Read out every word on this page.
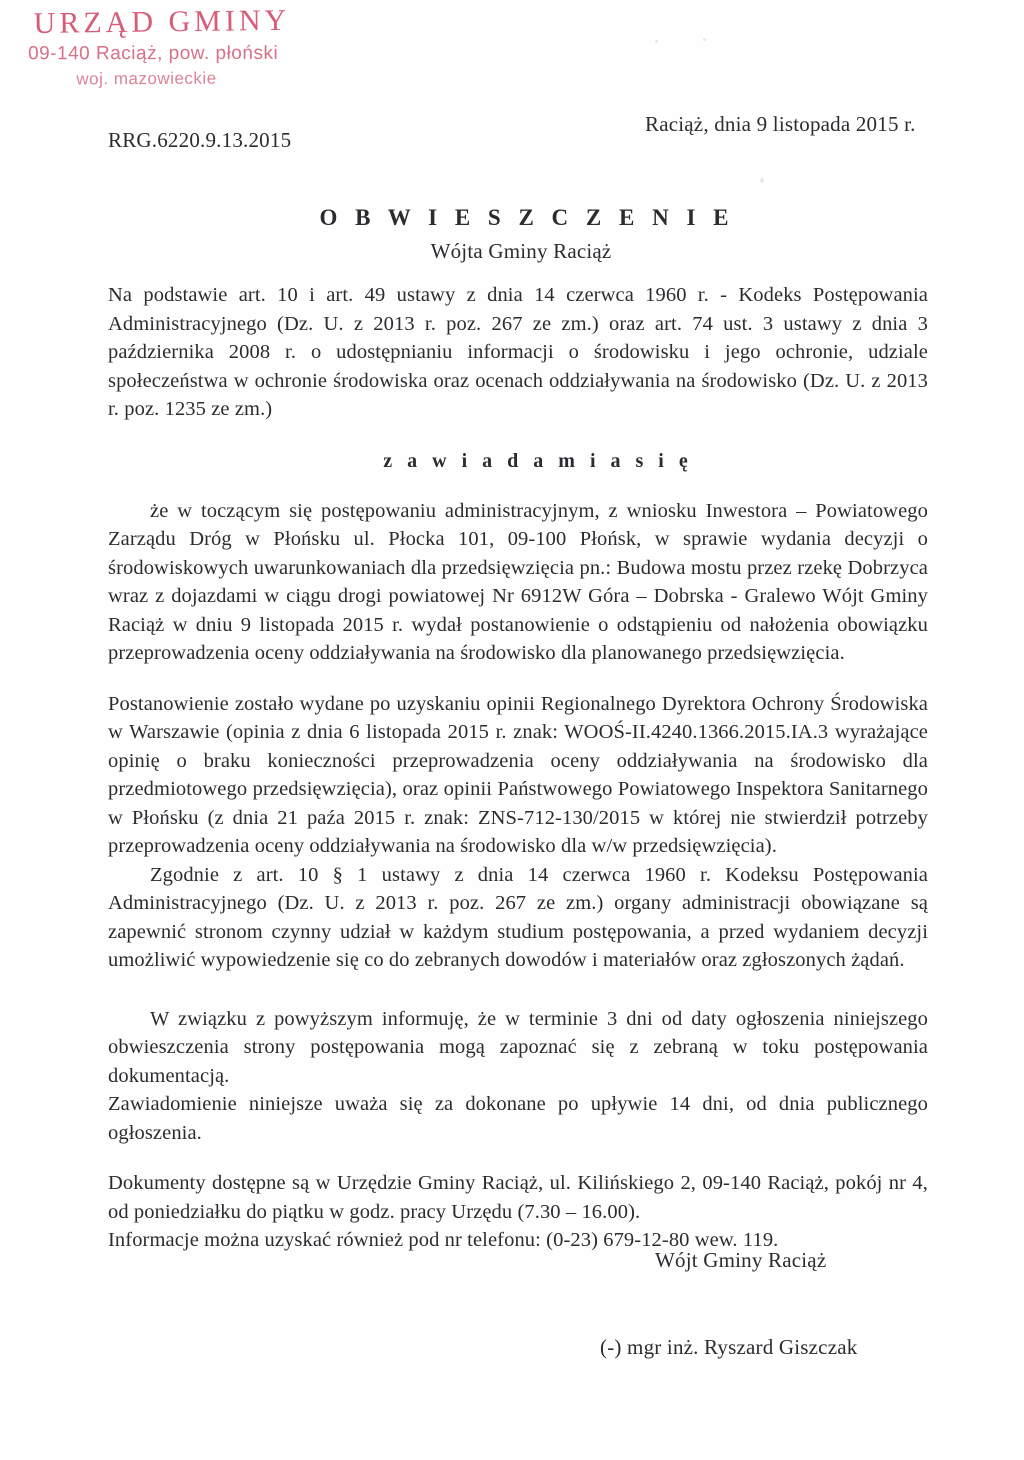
URZĄD GMINY
09-140 Raciąż, pow. płoński
woj. mazowieckie
RRG.6220.9.13.2015
Raciąż, dnia 9 listopada 2015 r.
O B W I E S Z C Z E N I E
Wójta Gminy Raciąż

Na podstawie art. 10 i art. 49 ustawy z dnia 14 czerwca 1960 r. - Kodeks Postępowania Administracyjnego (Dz. U. z 2013 r. poz. 267 ze zm.) oraz art. 74 ust. 3 ustawy z dnia 3 października 2008 r. o udostępnianiu informacji o środowisku i jego ochronie, udziale społeczeństwa w ochronie środowiska oraz ocenach oddziaływania na środowisko (Dz. U. z 2013 r. poz. 1235 ze zm.)

z a w i a d a m i a s i ę

że w toczącym się postępowaniu administracyjnym, z wniosku Inwestora – Powiatowego Zarządu Dróg w Płońsku ul. Płocka 101, 09-100 Płońsk, w sprawie wydania decyzji o środowiskowych uwarunkowaniach dla przedsięwzięcia pn.: Budowa mostu przez rzekę Dobrzyca wraz z dojazdami w ciągu drogi powiatowej Nr 6912W Góra – Dobrska - Gralewo Wójt Gminy Raciąż w dniu 9 listopada 2015 r. wydał postanowienie o odstąpieniu od nałożenia obowiązku przeprowadzenia oceny oddziaływania na środowisko dla planowanego przedsięwzięcia.

Postanowienie zostało wydane po uzyskaniu opinii Regionalnego Dyrektora Ochrony Środowiska w Warszawie (opinia z dnia 6 listopada 2015 r. znak: WOOŚ-II.4240.1366.2015.IA.3 wyrażające opinię o braku konieczności przeprowadzenia oceny oddziaływania na środowisko dla przedmiotowego przedsięwzięcia), oraz opinii Państwowego Powiatowego Inspektora Sanitarnego w Płońsku (z dnia 21 paźa 2015 r. znak: ZNS-712-130/2015 w której nie stwierdził potrzeby przeprowadzenia oceny oddziaływania na środowisko dla w/w przedsięwzięcia).

Zgodnie z art. 10 § 1 ustawy z dnia 14 czerwca 1960 r. Kodeksu Postępowania Administracyjnego (Dz. U. z 2013 r. poz. 267 ze zm.) organy administracji obowiązane są zapewnić stronom czynny udział w każdym studium postępowania, a przed wydaniem decyzji umożliwić wypowiedzenie się co do zebranych dowodów i materiałów oraz zgłoszonych żądań.

W związku z powyższym informuję, że w terminie 3 dni od daty ogłoszenia niniejszego obwieszczenia strony postępowania mogą zapoznać się z zebraną w toku postępowania dokumentacją.

Zawiadomienie niniejsze uważa się za dokonane po upływie 14 dni, od dnia publicznego ogłoszenia.

Dokumenty dostępne są w Urzędzie Gminy Raciąż, ul. Kilińskiego 2, 09-140 Raciąż, pokój nr 4, od poniedziałku do piątku w godz. pracy Urzędu (7.30 – 16.00).

Informacje można uzyskać również pod nr telefonu: (0-23) 679-12-80 wew. 119.

Wójt Gminy Raciąż
(-) mgr inż. Ryszard Giszczak
